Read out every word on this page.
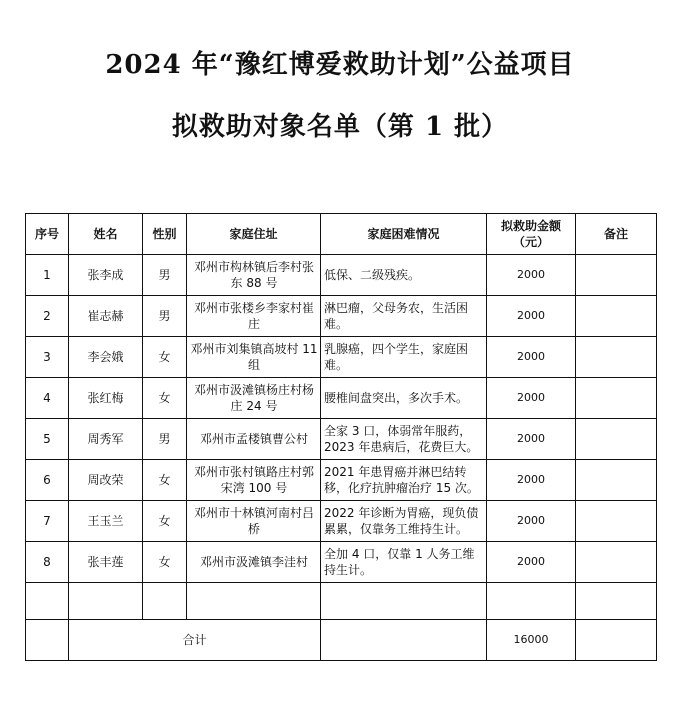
2024 年“豫红博爱救助计划”公益项目
拟救助对象名单（第 1 批）
序号	姓名	性别	家庭住址	家庭困难情况	拟救助金额（元）	备注
1	张李成	男	邓州市构林镇后李村张东 88 号	低保、二级残疾。	2000	
2	崔志赫	男	邓州市张楼乡李家村崔庄	淋巴瘤，父母务农，生活困难。	2000	
3	李会娥	女	邓州市刘集镇高坡村 11 组	乳腺癌，四个学生，家庭困难。	2000	
4	张红梅	女	邓州市汲滩镇杨庄村杨庄 24 号	腰椎间盘突出，多次手术。	2000	
5	周秀军	男	邓州市孟楼镇曹公村	全家 3 口，体弱常年服药，2023 年患病后，花费巨大。	2000	
6	周改荣	女	邓州市张村镇路庄村郭宋湾 100 号	2021 年患胃癌并淋巴结转移，化疗抗肿瘤治疗 15 次。	2000	
7	王玉兰	女	邓州市十林镇河南村吕桥	2022 年诊断为胃癌，现负债累累，仅靠务工维持生计。	2000	
8	张丰莲	女	邓州市汲滩镇李洼村	全加 4 口，仅靠 1 人务工维持生计。	2000	

	合计				16000	
